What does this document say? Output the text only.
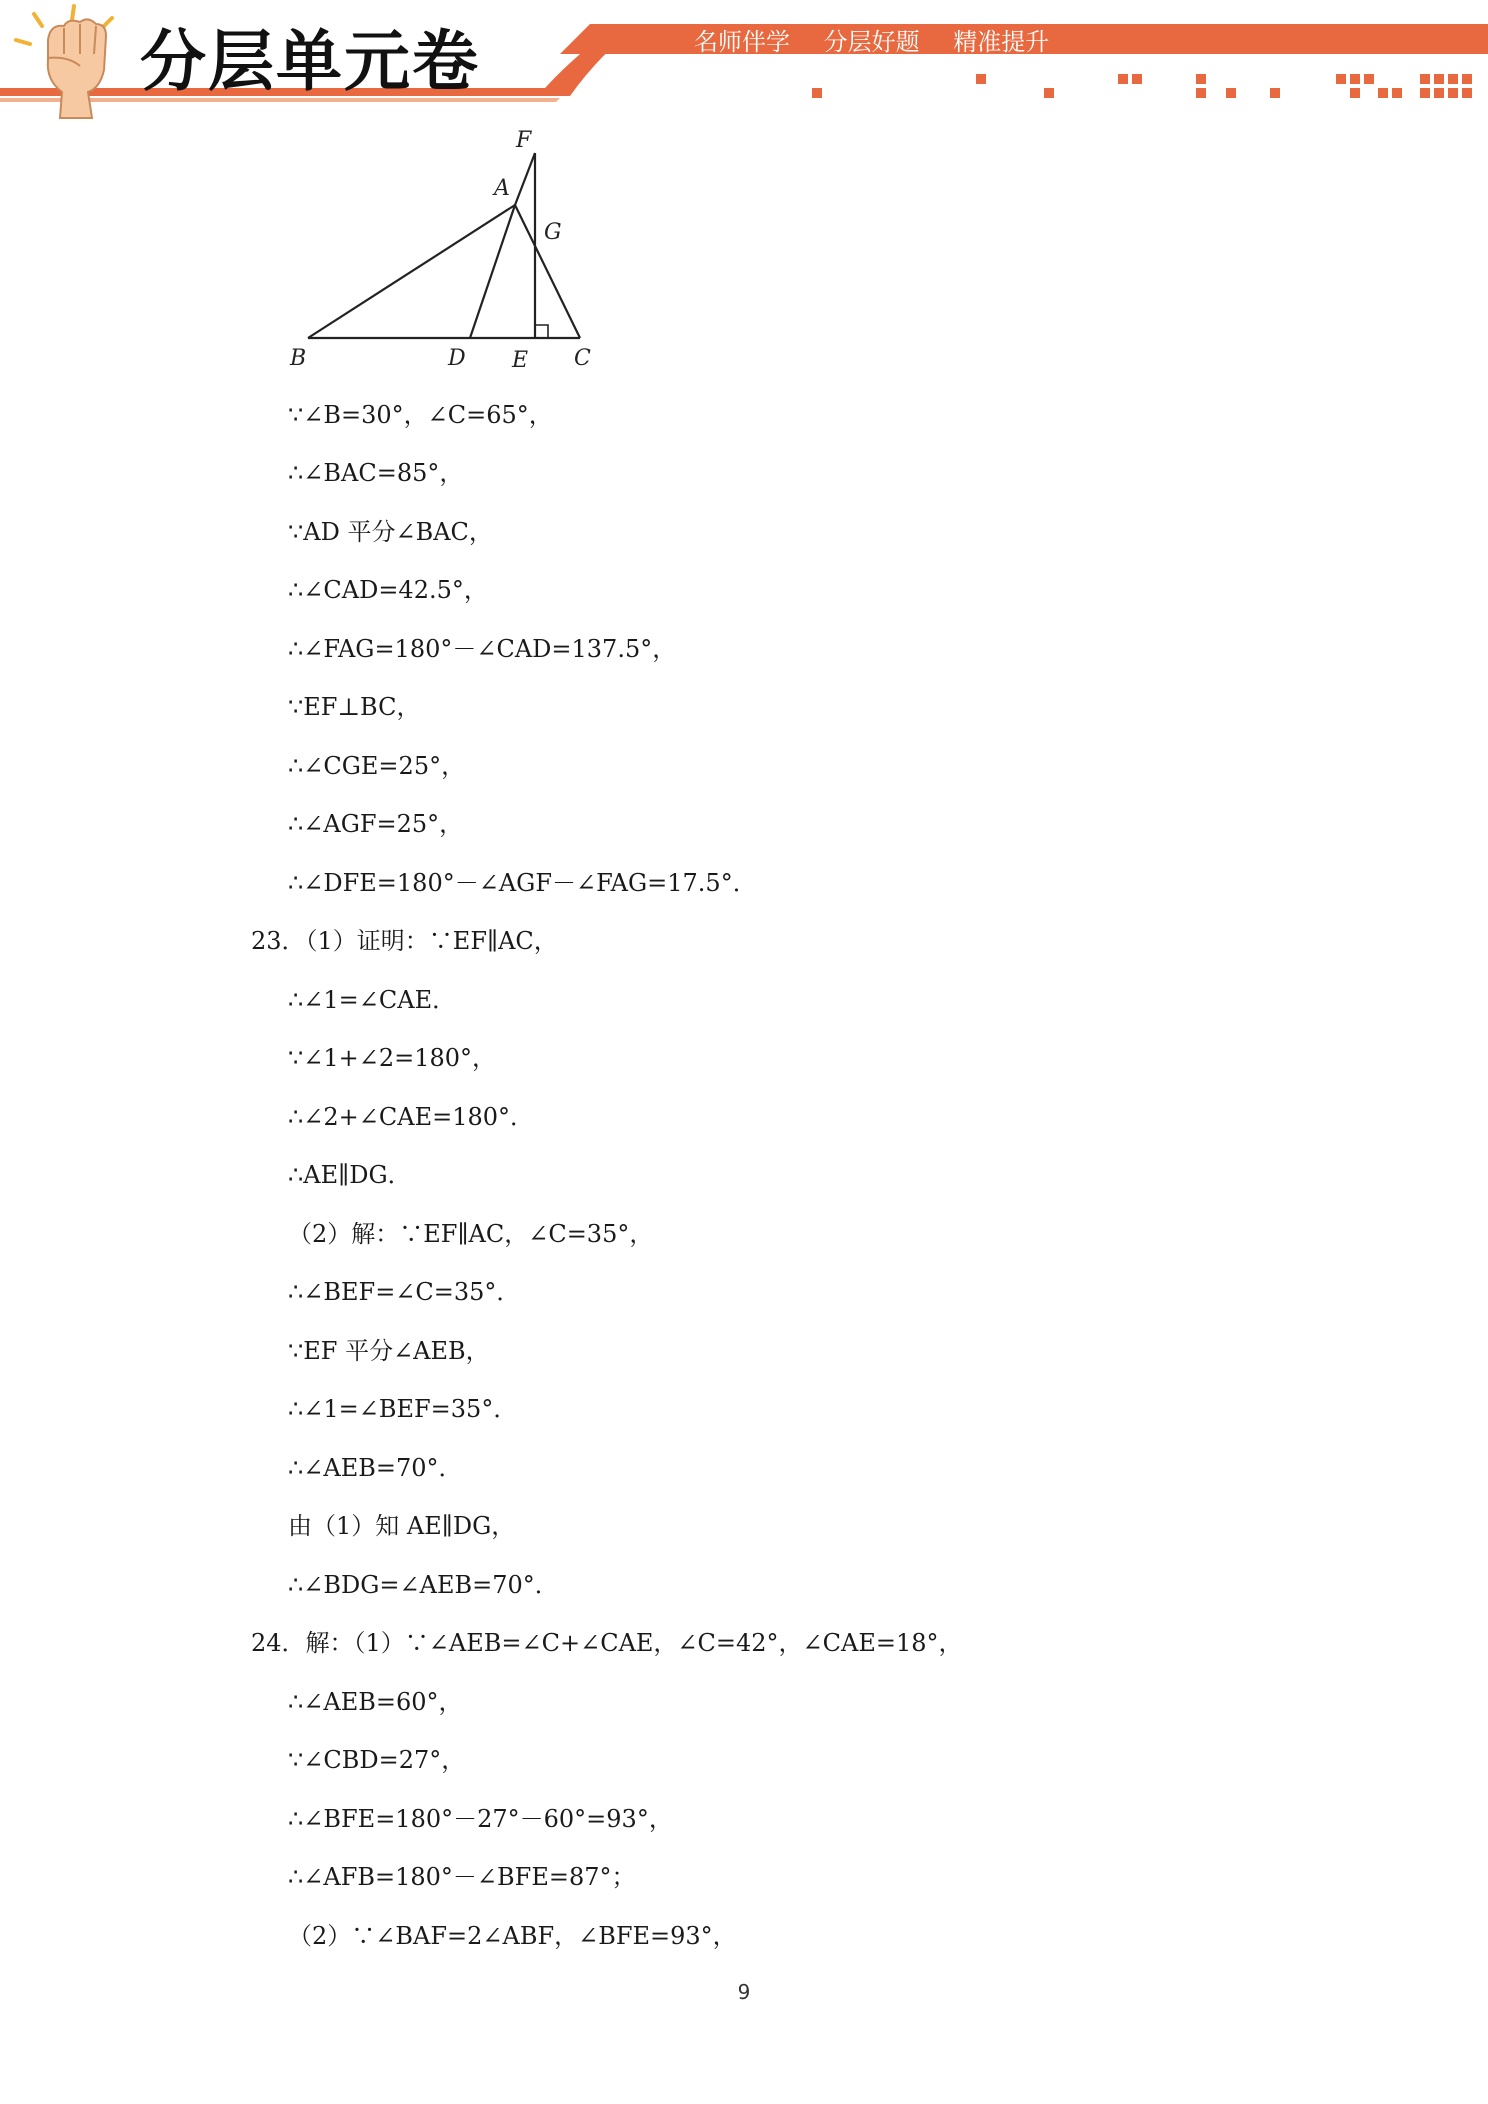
分层单元卷	名师伴学 分层好题 精准提升
F
A
G
B	D E C
∵∠B=30°，∠C=65°，
∴∠BAC=85°，
∵AD 平分∠BAC，
∴∠CAD=42.5°，
∴∠FAG=180°－∠CAD=137.5°，
∵EF⊥BC，
∴∠CGE=25°，
∴∠AGF=25°，
∴∠DFE=180°－∠AGF－∠FAG=17.5°．
23．（1）证明：∵EF∥AC，
∴∠1=∠CAE．
∵∠1+∠2=180°，
∴∠2+∠CAE=180°．
∴AE∥DG．
（2）解：∵EF∥AC，∠C=35°，
∴∠BEF=∠C=35°．
∵EF 平分∠AEB，
∴∠1=∠BEF=35°．
∴∠AEB=70°．
由（1）知 AE∥DG，
∴∠BDG=∠AEB=70°．
24．解：（1）∵∠AEB=∠C+∠CAE，∠C=42°，∠CAE=18°，
∴∠AEB=60°，
∵∠CBD=27°，
∴∠BFE=180°－27°－60°=93°，
∴∠AFB=180°－∠BFE=87°；
（2）∵∠BAF=2∠ABF，∠BFE=93°，
9
